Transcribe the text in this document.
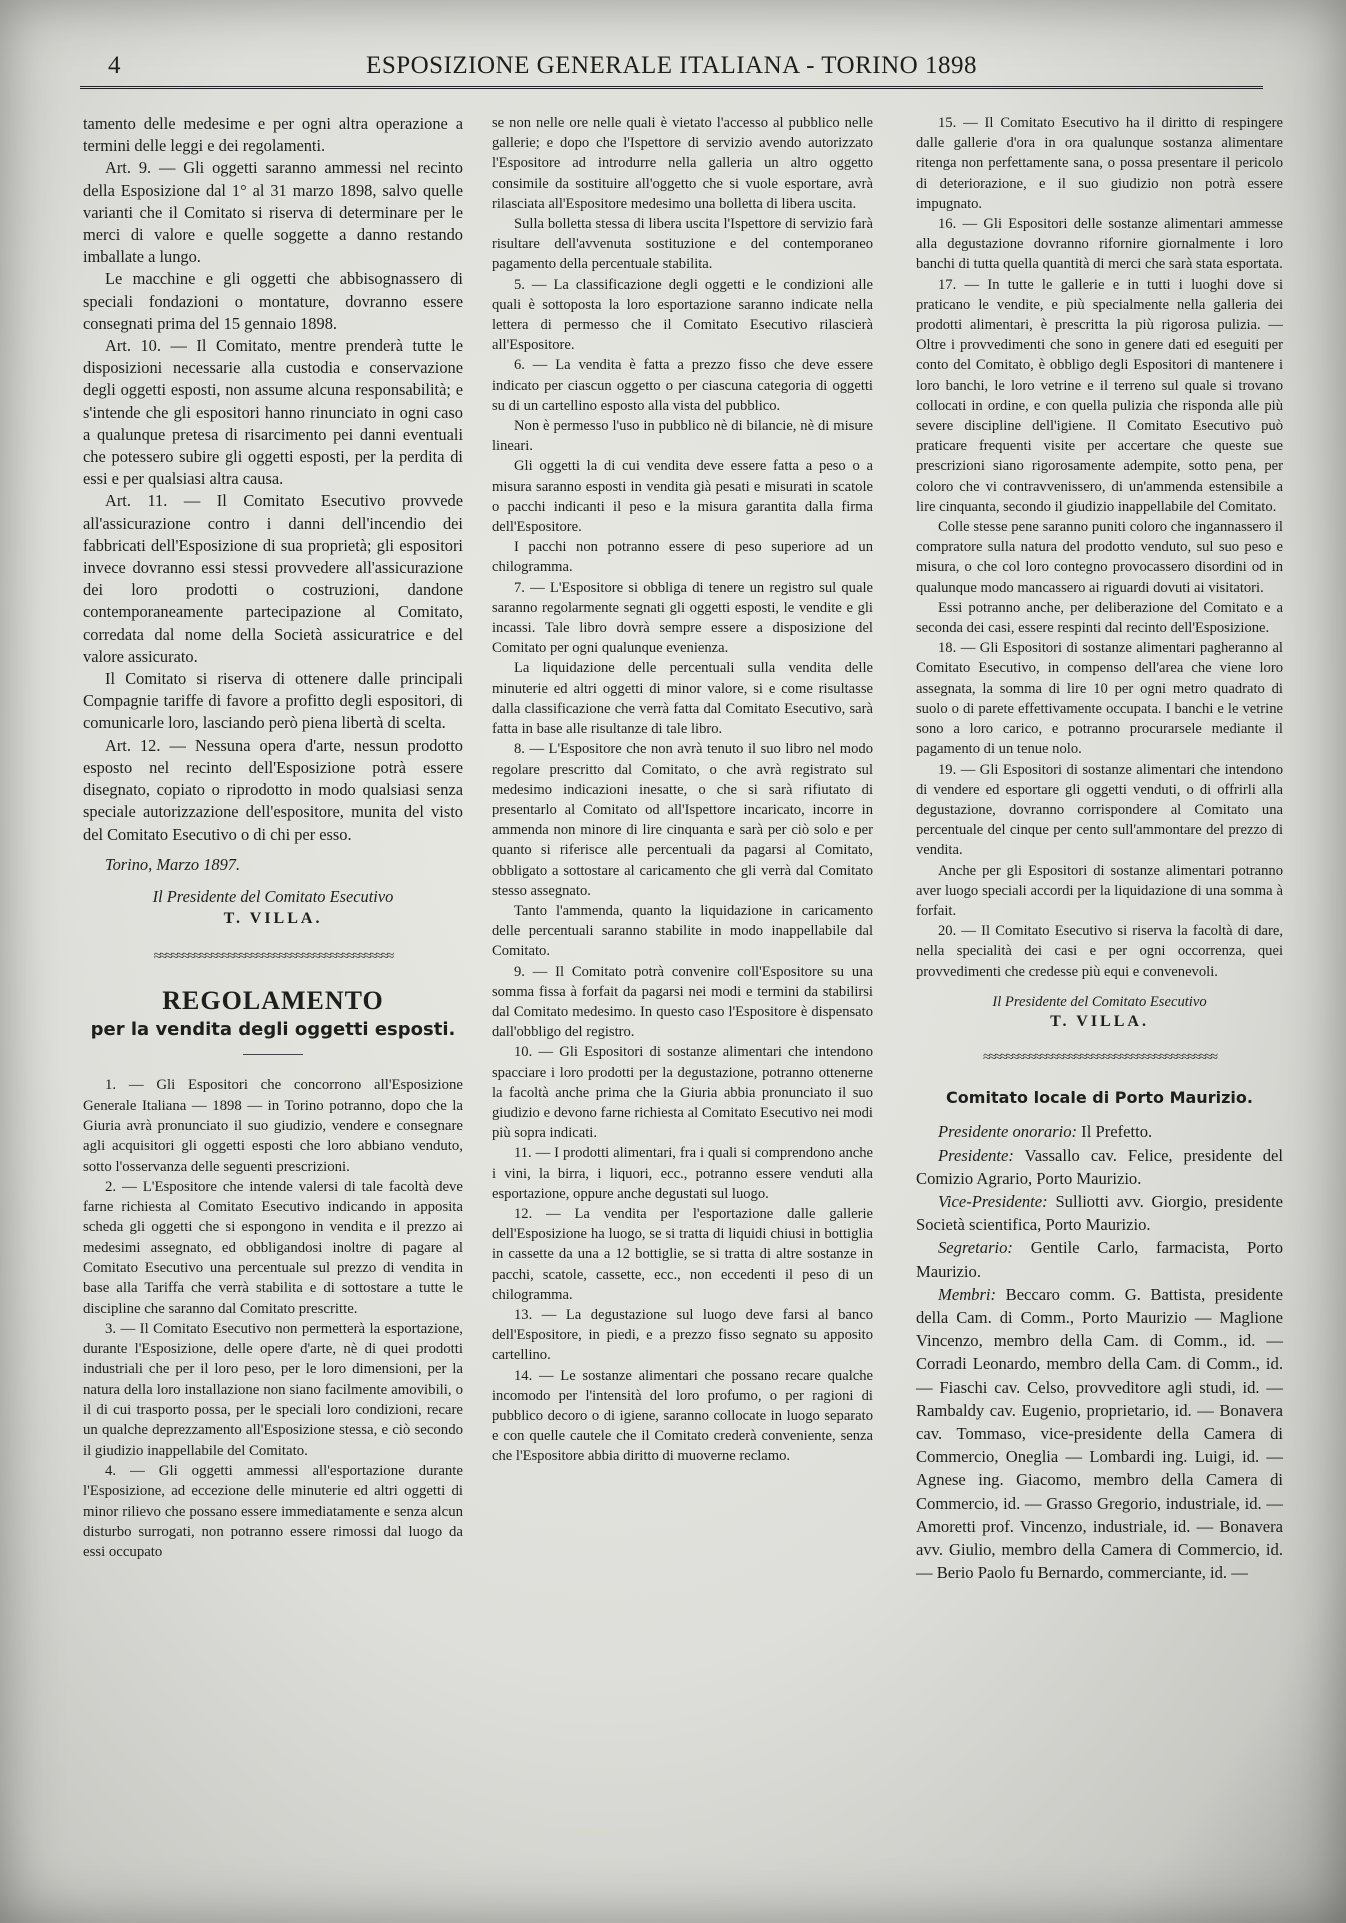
4	ESPOSIZIONE GENERALE ITALIANA - TORINO 1898

tamento delle medesime e per ogni altra operazione a termini delle leggi e dei regolamenti.

Art. 9. — Gli oggetti saranno ammessi nel recinto della Esposizione dal 1° al 31 marzo 1898, salvo quelle varianti che il Comitato si riserva di determinare per le merci di valore e quelle soggette a danno restando imballate a lungo.

Le macchine e gli oggetti che abbisognassero di speciali fondazioni o montature, dovranno essere consegnati prima del 15 gennaio 1898.

Art. 10. — Il Comitato, mentre prenderà tutte le disposizioni necessarie alla custodia e conservazione degli oggetti esposti, non assume alcuna responsabilità; e s'intende che gli espositori hanno rinunciato in ogni caso a qualunque pretesa di risarcimento pei danni eventuali che potessero subire gli oggetti esposti, per la perdita di essi e per qualsiasi altra causa.

Art. 11. — Il Comitato Esecutivo provvede all'assicurazione contro i danni dell'incendio dei fabbricati dell'Esposizione di sua proprietà; gli espositori invece dovranno essi stessi provvedere all'assicurazione dei loro prodotti o costruzioni, dandone contemporaneamente partecipazione al Comitato, corredata dal nome della Società assicuratrice e del valore assicurato.

Il Comitato si riserva di ottenere dalle principali Compagnie tariffe di favore a profitto degli espositori, di comunicarle loro, lasciando però piena libertà di scelta.

Art. 12. — Nessuna opera d'arte, nessun prodotto esposto nel recinto dell'Esposizione potrà essere disegnato, copiato o riprodotto in modo qualsiasi senza speciale autorizzazione dell'espositore, munita del visto del Comitato Esecutivo o di chi per esso.

Torino, Marzo 1897.

Il Presidente del Comitato Esecutivo

T. VILLA.

≈≈≈≈≈≈≈≈≈≈≈≈≈≈≈≈≈≈≈≈≈≈≈≈≈≈≈≈≈≈≈≈≈≈≈≈≈≈≈≈≈≈
REGOLAMENTO
per la vendita degli oggetti esposti.

1. — Gli Espositori che concorrono all'Esposizione Generale Italiana — 1898 — in Torino potranno, dopo che la Giuria avrà pronunciato il suo giudizio, vendere e consegnare agli acquisitori gli oggetti esposti che loro abbiano venduto, sotto l'osservanza delle seguenti prescrizioni.

2. — L'Espositore che intende valersi di tale facoltà deve farne richiesta al Comitato Esecutivo indicando in apposita scheda gli oggetti che si espongono in vendita e il prezzo ai medesimi assegnato, ed obbligandosi inoltre di pagare al Comitato Esecutivo una percentuale sul prezzo di vendita in base alla Tariffa che verrà stabilita e di sottostare a tutte le discipline che saranno dal Comitato prescritte.

3. — Il Comitato Esecutivo non permetterà la esportazione, durante l'Esposizione, delle opere d'arte, nè di quei prodotti industriali che per il loro peso, per le loro dimensioni, per la natura della loro installazione non siano facilmente amovibili, o il di cui trasporto possa, per le speciali loro condizioni, recare un qualche deprezzamento all'Esposizione stessa, e ciò secondo il giudizio inappellabile del Comitato.

4. — Gli oggetti ammessi all'esportazione durante l'Esposizione, ad eccezione delle minuterie ed altri oggetti di minor rilievo che possano essere immediatamente e senza alcun disturbo surrogati, non potranno essere rimossi dal luogo da essi occupato

se non nelle ore nelle quali è vietato l'accesso al pubblico nelle gallerie; e dopo che l'Ispettore di servizio avendo autorizzato l'Espositore ad introdurre nella galleria un altro oggetto consimile da sostituire all'oggetto che si vuole esportare, avrà rilasciata all'Espositore medesimo una bolletta di libera uscita.

Sulla bolletta stessa di libera uscita l'Ispettore di servizio farà risultare dell'avvenuta sostituzione e del contemporaneo pagamento della percentuale stabilita.

5. — La classificazione degli oggetti e le condizioni alle quali è sottoposta la loro esportazione saranno indicate nella lettera di permesso che il Comitato Esecutivo rilascierà all'Espositore.

6. — La vendita è fatta a prezzo fisso che deve essere indicato per ciascun oggetto o per ciascuna categoria di oggetti su di un cartellino esposto alla vista del pubblico.

Non è permesso l'uso in pubblico nè di bilancie, nè di misure lineari.

Gli oggetti la di cui vendita deve essere fatta a peso o a misura saranno esposti in vendita già pesati e misurati in scatole o pacchi indicanti il peso e la misura garantita dalla firma dell'Espositore.

I pacchi non potranno essere di peso superiore ad un chilogramma.

7. — L'Espositore si obbliga di tenere un registro sul quale saranno regolarmente segnati gli oggetti esposti, le vendite e gli incassi. Tale libro dovrà sempre essere a disposizione del Comitato per ogni qualunque evenienza.

La liquidazione delle percentuali sulla vendita delle minuterie ed altri oggetti di minor valore, si e come risultasse dalla classificazione che verrà fatta dal Comitato Esecutivo, sarà fatta in base alle risultanze di tale libro.

8. — L'Espositore che non avrà tenuto il suo libro nel modo regolare prescritto dal Comitato, o che avrà registrato sul medesimo indicazioni inesatte, o che si sarà rifiutato di presentarlo al Comitato od all'Ispettore incaricato, incorre in ammenda non minore di lire cinquanta e sarà per ciò solo e per quanto si riferisce alle percentuali da pagarsi al Comitato, obbligato a sottostare al caricamento che gli verrà dal Comitato stesso assegnato.

Tanto l'ammenda, quanto la liquidazione in caricamento delle percentuali saranno stabilite in modo inappellabile dal Comitato.

9. — Il Comitato potrà convenire coll'Espositore su una somma fissa à forfait da pagarsi nei modi e termini da stabilirsi dal Comitato medesimo. In questo caso l'Espositore è dispensato dall'obbligo del registro.

10. — Gli Espositori di sostanze alimentari che intendono spacciare i loro prodotti per la degustazione, potranno ottenerne la facoltà anche prima che la Giuria abbia pronunciato il suo giudizio e devono farne richiesta al Comitato Esecutivo nei modi più sopra indicati.

11. — I prodotti alimentari, fra i quali si comprendono anche i vini, la birra, i liquori, ecc., potranno essere venduti alla esportazione, oppure anche degustati sul luogo.

12. — La vendita per l'esportazione dalle gallerie dell'Esposizione ha luogo, se si tratta di liquidi chiusi in bottiglia in cassette da una a 12 bottiglie, se si tratta di altre sostanze in pacchi, scatole, cassette, ecc., non eccedenti il peso di un chilogramma.

13. — La degustazione sul luogo deve farsi al banco dell'Espositore, in piedi, e a prezzo fisso segnato su apposito cartellino.

14. — Le sostanze alimentari che possano recare qualche incomodo per l'intensità del loro profumo, o per ragioni di pubblico decoro o di igiene, saranno collocate in luogo separato e con quelle cautele che il Comitato crederà conveniente, senza che l'Espositore abbia diritto di muoverne reclamo.

15. — Il Comitato Esecutivo ha il diritto di respingere dalle gallerie d'ora in ora qualunque sostanza alimentare ritenga non perfettamente sana, o possa presentare il pericolo di deteriorazione, e il suo giudizio non potrà essere impugnato.

16. — Gli Espositori delle sostanze alimentari ammesse alla degustazione dovranno rifornire giornalmente i loro banchi di tutta quella quantità di merci che sarà stata esportata.

17. — In tutte le gallerie e in tutti i luoghi dove si praticano le vendite, e più specialmente nella galleria dei prodotti alimentari, è prescritta la più rigorosa pulizia. — Oltre i provvedimenti che sono in genere dati ed eseguiti per conto del Comitato, è obbligo degli Espositori di mantenere i loro banchi, le loro vetrine e il terreno sul quale si trovano collocati in ordine, e con quella pulizia che risponda alle più severe discipline dell'igiene. Il Comitato Esecutivo può praticare frequenti visite per accertare che queste sue prescrizioni siano rigorosamente adempite, sotto pena, per coloro che vi contravvenissero, di un'ammenda estensibile a lire cinquanta, secondo il giudizio inappellabile del Comitato.

Colle stesse pene saranno puniti coloro che ingannassero il compratore sulla natura del prodotto venduto, sul suo peso e misura, o che col loro contegno provocassero disordini od in qualunque modo mancassero ai riguardi dovuti ai visitatori.

Essi potranno anche, per deliberazione del Comitato e a seconda dei casi, essere respinti dal recinto dell'Esposizione.

18. — Gli Espositori di sostanze alimentari pagheranno al Comitato Esecutivo, in compenso dell'area che viene loro assegnata, la somma di lire 10 per ogni metro quadrato di suolo o di parete effettivamente occupata. I banchi e le vetrine sono a loro carico, e potranno procurarsele mediante il pagamento di un tenue nolo.

19. — Gli Espositori di sostanze alimentari che intendono di vendere ed esportare gli oggetti venduti, o di offrirli alla degustazione, dovranno corrispondere al Comitato una percentuale del cinque per cento sull'ammontare del prezzo di vendita.

Anche per gli Espositori di sostanze alimentari potranno aver luogo speciali accordi per la liquidazione di una somma à forfait.

20. — Il Comitato Esecutivo si riserva la facoltà di dare, nella specialità dei casi e per ogni occorrenza, quei provvedimenti che credesse più equi e convenevoli.

Il Presidente del Comitato Esecutivo

T. VILLA.

≈≈≈≈≈≈≈≈≈≈≈≈≈≈≈≈≈≈≈≈≈≈≈≈≈≈≈≈≈≈≈≈≈≈≈≈≈≈≈≈≈
Comitato locale di Porto Maurizio.

Presidente onorario: Il Prefetto.

Presidente: Vassallo cav. Felice, presidente del Comizio Agrario, Porto Maurizio.

Vice-Presidente: Sulliotti avv. Giorgio, presidente Società scientifica, Porto Maurizio.

Segretario: Gentile Carlo, farmacista, Porto Maurizio.

Membri: Beccaro comm. G. Battista, presidente della Cam. di Comm., Porto Maurizio — Maglione Vincenzo, membro della Cam. di Comm., id. — Corradi Leonardo, membro della Cam. di Comm., id. — Fiaschi cav. Celso, provveditore agli studi, id. — Rambaldy cav. Eugenio, proprietario, id. — Bonavera cav. Tommaso, vice-presidente della Camera di Commercio, Oneglia — Lombardi ing. Luigi, id. — Agnese ing. Giacomo, membro della Camera di Commercio, id. — Grasso Gregorio, industriale, id. — Amoretti prof. Vincenzo, industriale, id. — Bonavera avv. Giulio, membro della Camera di Commercio, id. — Berio Paolo fu Bernardo, commerciante, id. —
